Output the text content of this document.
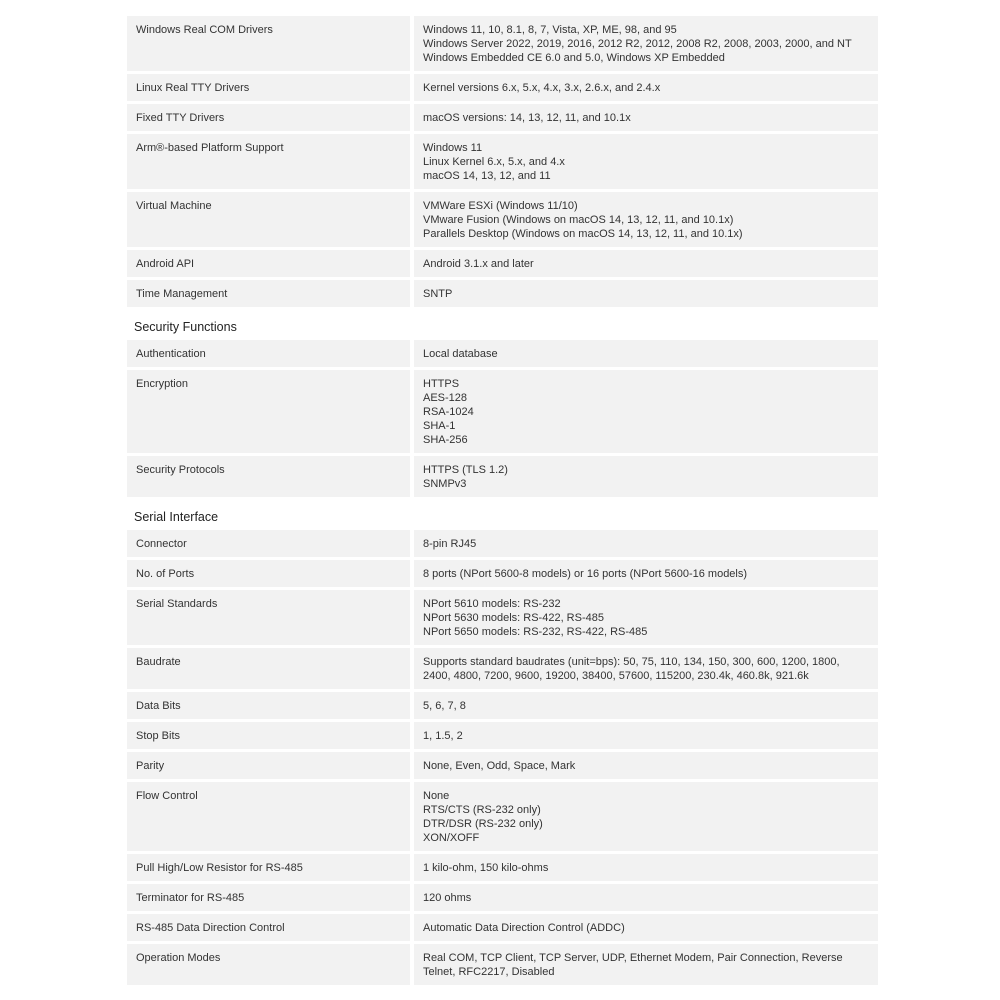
Windows Real COM Drivers	Windows 11, 10, 8.1, 8, 7, Vista, XP, ME, 98, and 95
Windows Server 2022, 2019, 2016, 2012 R2, 2012, 2008 R2, 2008, 2003, 2000, and NT
Windows Embedded CE 6.0 and 5.0, Windows XP Embedded
Linux Real TTY Drivers	Kernel versions 6.x, 5.x, 4.x, 3.x, 2.6.x, and 2.4.x
Fixed TTY Drivers	macOS versions: 14, 13, 12, 11, and 10.1x
Arm®-based Platform Support	Windows 11
Linux Kernel 6.x, 5.x, and 4.x
macOS 14, 13, 12, and 11
Virtual Machine	VMWare ESXi (Windows 11/10)
VMware Fusion (Windows on macOS 14, 13, 12, 11, and 10.1x)
Parallels Desktop (Windows on macOS 14, 13, 12, 11, and 10.1x)
Android API	Android 3.1.x and later
Time Management	SNTP
Security Functions
Authentication	Local database
Encryption	HTTPS
AES-128
RSA-1024
SHA-1
SHA-256
Security Protocols	HTTPS (TLS 1.2)
SNMPv3
Serial Interface
Connector	8-pin RJ45
No. of Ports	8 ports (NPort 5600-8 models) or 16 ports (NPort 5600-16 models)
Serial Standards	NPort 5610 models: RS-232
NPort 5630 models: RS-422, RS-485
NPort 5650 models: RS-232, RS-422, RS-485
Baudrate	Supports standard baudrates (unit=bps): 50, 75, 110, 134, 150, 300, 600, 1200, 1800,
2400, 4800, 7200, 9600, 19200, 38400, 57600, 115200, 230.4k, 460.8k, 921.6k
Data Bits	5, 6, 7, 8
Stop Bits	1, 1.5, 2
Parity	None, Even, Odd, Space, Mark
Flow Control	None
RTS/CTS (RS-232 only)
DTR/DSR (RS-232 only)
XON/XOFF
Pull High/Low Resistor for RS-485	1 kilo-ohm, 150 kilo-ohms
Terminator for RS-485	120 ohms
RS-485 Data Direction Control	Automatic Data Direction Control (ADDC)
Operation Modes	Real COM, TCP Client, TCP Server, UDP, Ethernet Modem, Pair Connection, Reverse
Telnet, RFC2217, Disabled
